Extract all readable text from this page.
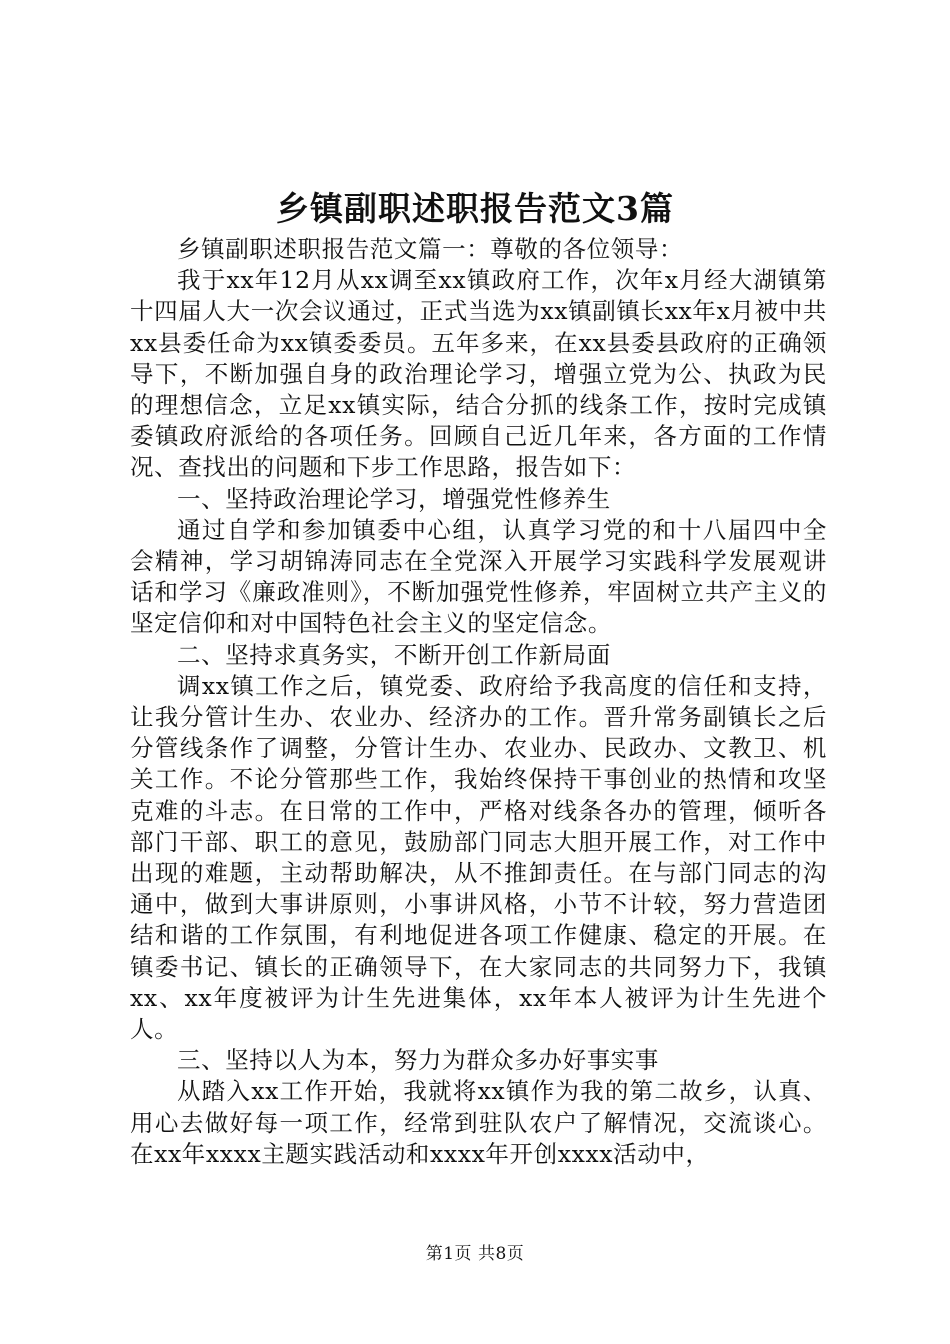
乡镇副职述职报告范文3篇

乡镇副职述职报告范文篇一：尊敬的各位领导：

我于xx年12月从xx调至xx镇政府工作，次年x月经大湖镇第十四届人大一次会议通过，正式当选为xx镇副镇长xx年x月被中共xx县委任命为xx镇委委员。五年多来，在xx县委县政府的正确领导下，不断加强自身的政治理论学习，增强立党为公、执政为民的理想信念，立足xx镇实际，结合分抓的线条工作，按时完成镇委镇政府派给的各项任务。回顾自己近几年来，各方面的工作情况、查找出的问题和下步工作思路，报告如下：

一、坚持政治理论学习，增强党性修养生

通过自学和参加镇委中心组，认真学习党的和十八届四中全会精神，学习胡锦涛同志在全党深入开展学习实践科学发展观讲话和学习《廉政准则》，不断加强党性修养，牢固树立共产主义的坚定信仰和对中国特色社会主义的坚定信念。

二、坚持求真务实，不断开创工作新局面

调xx镇工作之后，镇党委、政府给予我高度的信任和支持，让我分管计生办、农业办、经济办的工作。晋升常务副镇长之后分管线条作了调整，分管计生办、农业办、民政办、文教卫、机关工作。不论分管那些工作，我始终保持干事创业的热情和攻坚克难的斗志。在日常的工作中，严格对线条各办的管理，倾听各部门干部、职工的意见，鼓励部门同志大胆开展工作，对工作中出现的难题，主动帮助解决，从不推卸责任。在与部门同志的沟通中，做到大事讲原则，小事讲风格，小节不计较，努力营造团结和谐的工作氛围，有利地促进各项工作健康、稳定的开展。在镇委书记、镇长的正确领导下，在大家同志的共同努力下，我镇xx、xx年度被评为计生先进集体，xx年本人被评为计生先进个人。

三、坚持以人为本，努力为群众多办好事实事

从踏入xx工作开始，我就将xx镇作为我的第二故乡，认真、用心去做好每一项工作，经常到驻队农户了解情况，交流谈心。在xx年xxxx主题实践活动和xxxx年开创xxxx活动中，

第1页 共8页
